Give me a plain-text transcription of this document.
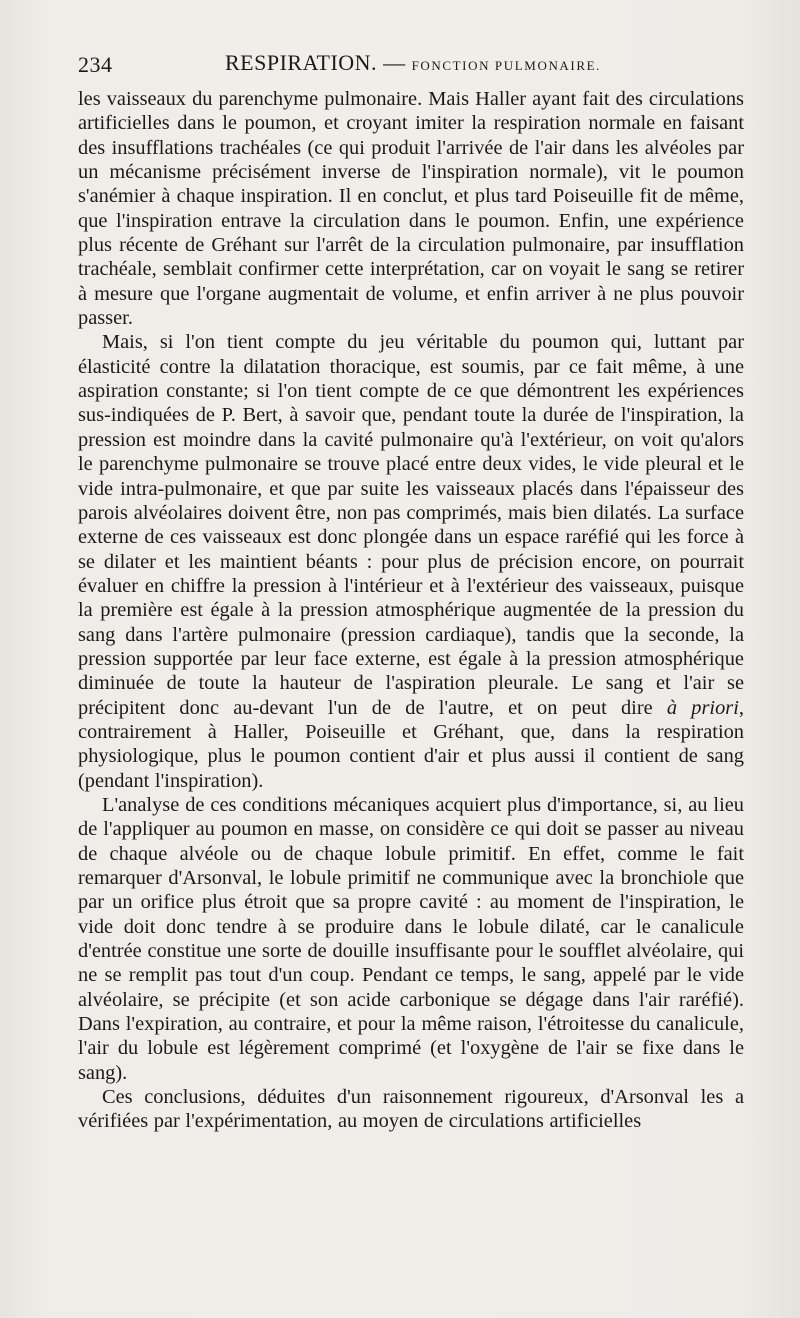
234	RESPIRATION. — FONCTION PULMONAIRE.

les vaisseaux du parenchyme pulmonaire. Mais Haller ayant fait des circulations artificielles dans le poumon, et croyant imiter la respiration normale en faisant des insufflations trachéales (ce qui produit l'arrivée de l'air dans les alvéoles par un mécanisme précisément inverse de l'inspiration normale), vit le poumon s'anémier à chaque inspiration. Il en conclut, et plus tard Poiseuille fit de même, que l'inspiration entrave la circulation dans le poumon. Enfin, une expérience plus récente de Gréhant sur l'arrêt de la circulation pulmonaire, par insufflation trachéale, semblait confirmer cette interprétation, car on voyait le sang se retirer à mesure que l'organe augmentait de volume, et enfin arriver à ne plus pouvoir passer.

Mais, si l'on tient compte du jeu véritable du poumon qui, luttant par élasticité contre la dilatation thoracique, est soumis, par ce fait même, à une aspiration constante; si l'on tient compte de ce que démontrent les expériences sus-indiquées de P. Bert, à savoir que, pendant toute la durée de l'inspiration, la pression est moindre dans la cavité pulmonaire qu'à l'extérieur, on voit qu'alors le parenchyme pulmonaire se trouve placé entre deux vides, le vide pleural et le vide intra-pulmonaire, et que par suite les vaisseaux placés dans l'épaisseur des parois alvéolaires doivent être, non pas comprimés, mais bien dilatés. La surface externe de ces vaisseaux est donc plongée dans un espace raréfié qui les force à se dilater et les maintient béants : pour plus de précision encore, on pourrait évaluer en chiffre la pression à l'intérieur et à l'extérieur des vaisseaux, puisque la première est égale à la pression atmosphérique augmentée de la pression du sang dans l'artère pulmonaire (pression cardiaque), tandis que la seconde, la pression supportée par leur face externe, est égale à la pression atmosphérique diminuée de toute la hauteur de l'aspiration pleurale. Le sang et l'air se précipitent donc au-devant l'un de de l'autre, et on peut dire à priori, contrairement à Haller, Poiseuille et Gréhant, que, dans la respiration physiologique, plus le poumon contient d'air et plus aussi il contient de sang (pendant l'inspiration).

L'analyse de ces conditions mécaniques acquiert plus d'importance, si, au lieu de l'appliquer au poumon en masse, on considère ce qui doit se passer au niveau de chaque alvéole ou de chaque lobule primitif. En effet, comme le fait remarquer d'Arsonval, le lobule primitif ne communique avec la bronchiole que par un orifice plus étroit que sa propre cavité : au moment de l'inspiration, le vide doit donc tendre à se produire dans le lobule dilaté, car le canalicule d'entrée constitue une sorte de douille insuffisante pour le soufflet alvéolaire, qui ne se remplit pas tout d'un coup. Pendant ce temps, le sang, appelé par le vide alvéolaire, se précipite (et son acide carbonique se dégage dans l'air raréfié). Dans l'expiration, au contraire, et pour la même raison, l'étroitesse du canalicule, l'air du lobule est légèrement comprimé (et l'oxygène de l'air se fixe dans le sang).

Ces conclusions, déduites d'un raisonnement rigoureux, d'Arsonval les a vérifiées par l'expérimentation, au moyen de circulations artificielles
